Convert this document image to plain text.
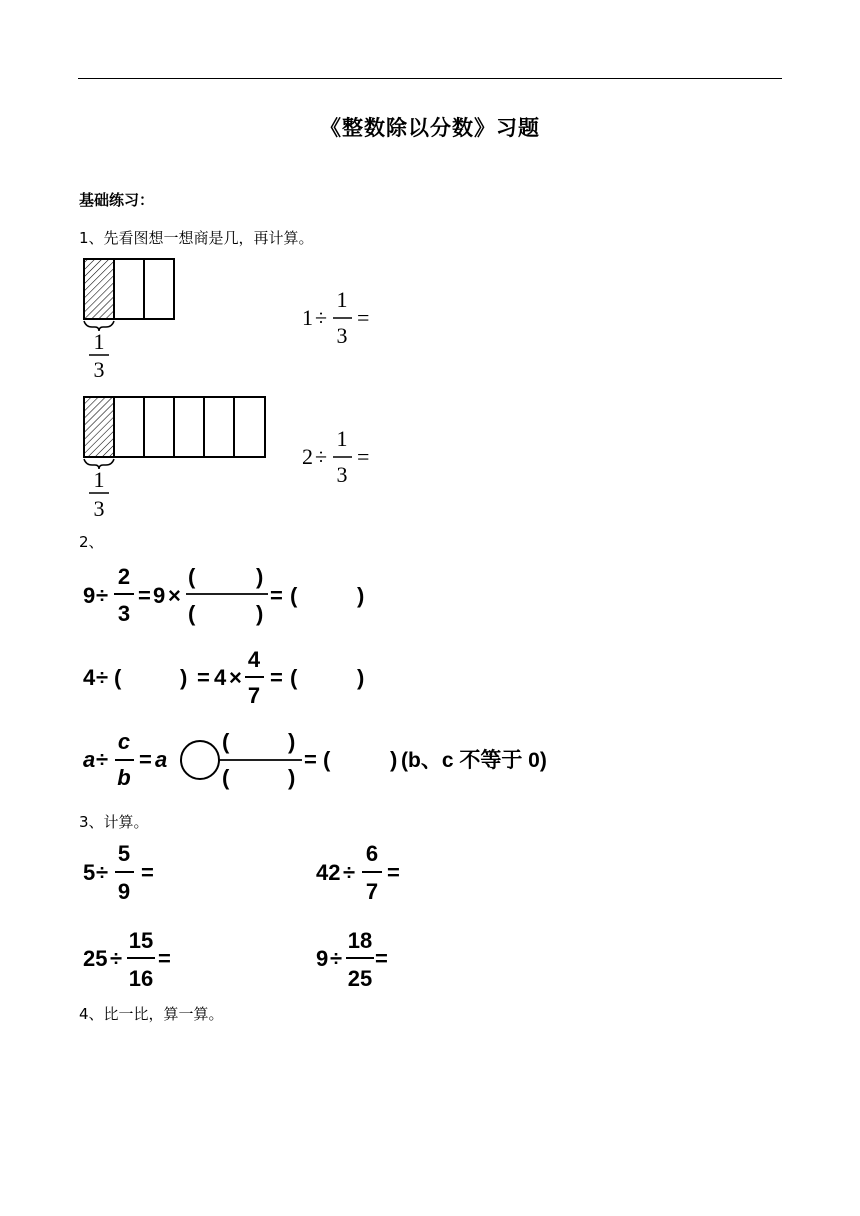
《整数除以分数》习题
基础练习：
1、先看图想一想商是几，再计算。
1
3
1 ÷
1
3
=
1
3
2 ÷
1
3
=
9 ÷
2
3
= 9 ×
(	)
(	)
= (	)
4 ÷ (	) = 4 ×
4
7
= (	)
a ÷
c
b
= a
(	)
(	)
= (	) (b、c 不等于 0)
5 ÷
5
9
=	42 ÷
6
7
=
25 ÷
15
16
=	9 ÷
18
25
=
2、
3、计算。
4、比一比，算一算。
